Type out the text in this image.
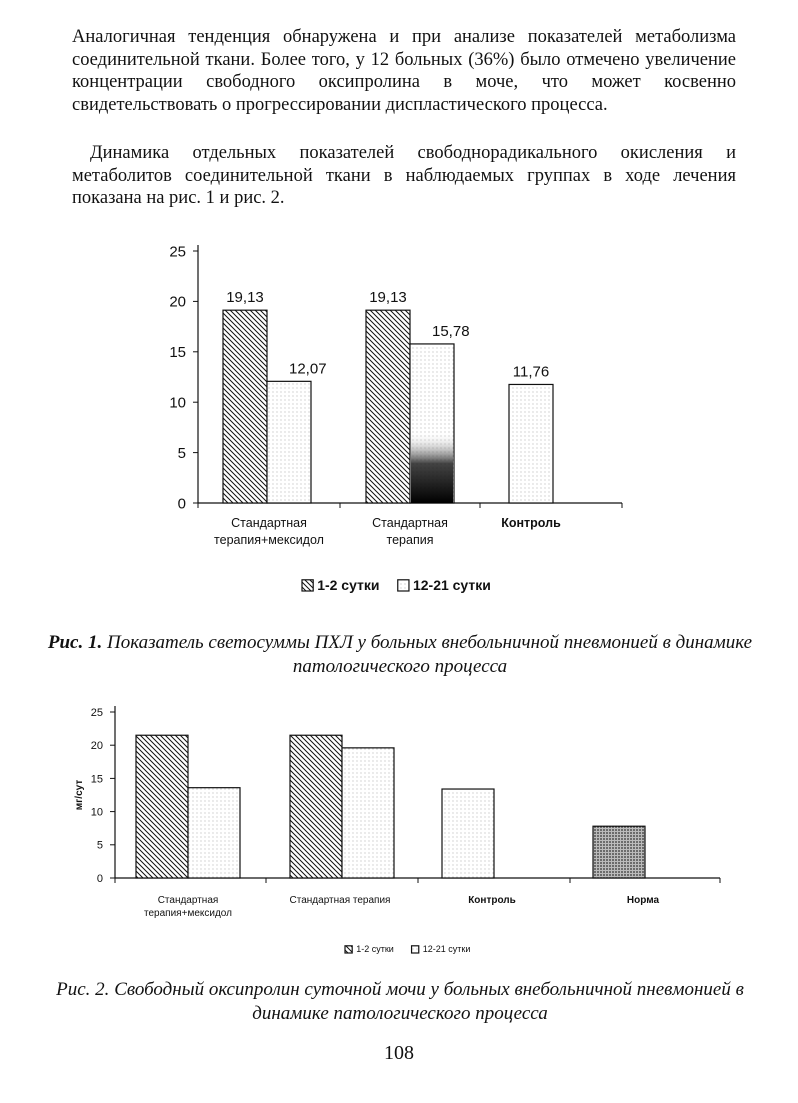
Аналогичная тенденция обнаружена и при анализе показателей метаболизма соединительной ткани. Более того, у 12 больных (36%) было отмечено увеличение концентрации свободного оксипролина в моче, что может косвенно свидетельствовать о прогрессировании диспластического процесса.

Динамика отдельных показателей свободнорадикального окисления и метаболитов соединительной ткани в наблюдаемых группах в ходе лечения показана на рис. 1 и рис. 2.

0
5
10
15
20
25
19,13
12,07
Стандартная
терапия+мексидол
19,13
15,78
Стандартная
терапия
11,76
Контроль
1-2 сутки 12-21 сутки

Рис. 1. Показатель светосуммы ПХЛ у больных внебольничной пневмонией в динамике патологического процесса

0
5
10
15
20
25
мг/сут
Стандартная
терапия+мексидол
Стандартная терапия	Контроль	Норма
1-2 сутки	12-21 сутки

Рис. 2. Свободный оксипролин суточной мочи у больных внебольничной пневмонией в динамике патологического процесса

108
